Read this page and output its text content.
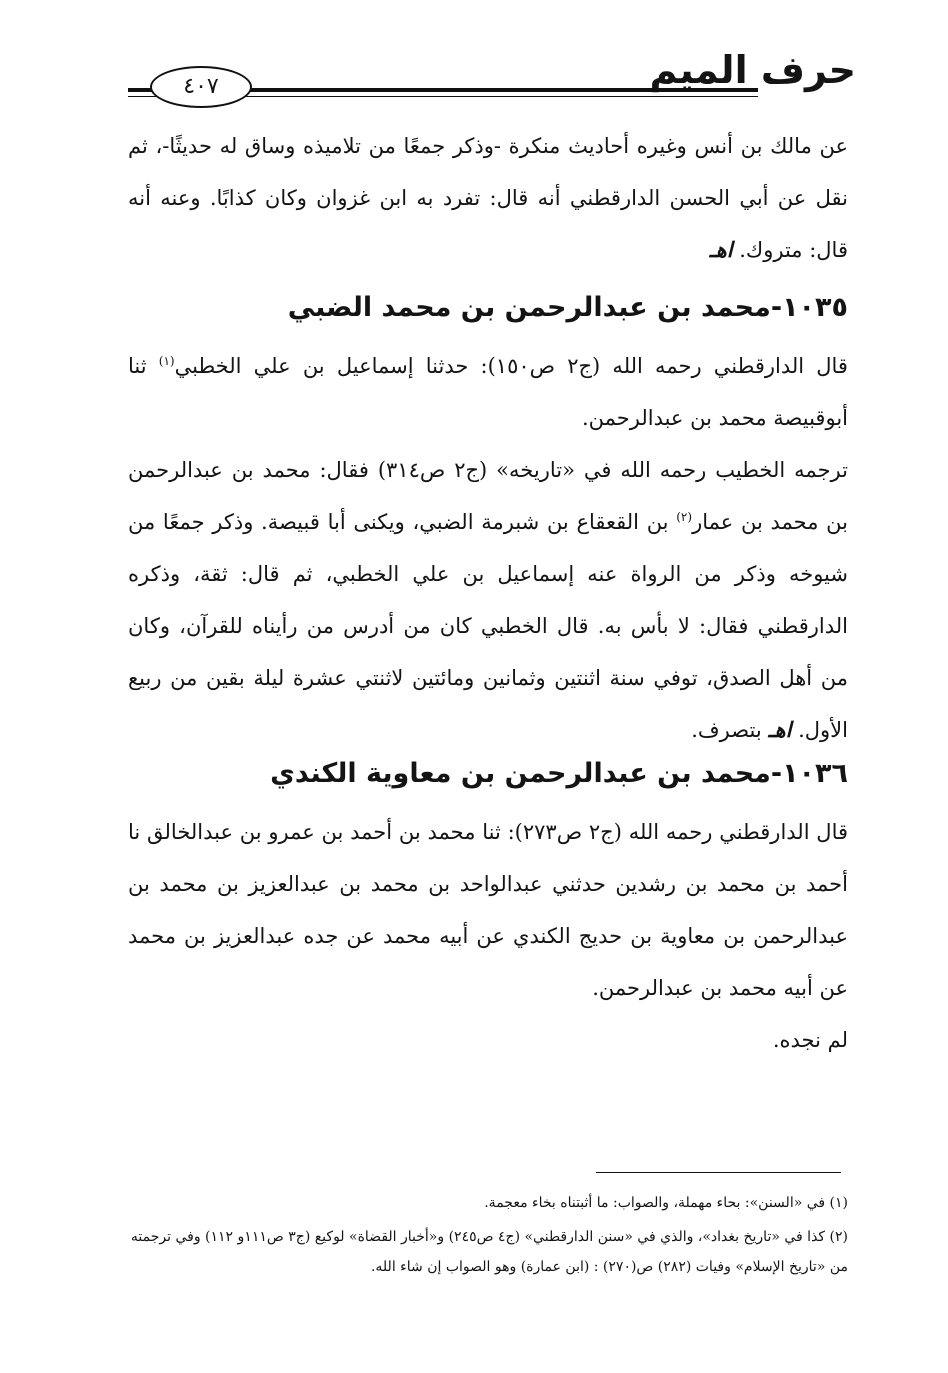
حرف الميم
٤٠٧

عن مالك بن أنس وغيره أحاديث منكرة -وذكر جمعًا من تلاميذه وساق له حديثًا-، ثم نقل عن أبي الحسن الدارقطني أنه قال: تفرد به ابن غزوان وكان كذابًا. وعنه أنه قال: متروك. اهـ

١٠٣٥-محمد بن عبدالرحمن بن محمد الضبي

قال الدارقطني رحمه الله (ج٢ ص١٥٠): حدثنا إسماعيل بن علي الخطبي$^{(١)}$ ثنا أبوقبيصة محمد بن عبدالرحمن.

ترجمه الخطيب رحمه الله في «تاريخه» (ج٢ ص٣١٤) فقال: محمد بن عبدالرحمن بن محمد بن عمار$^{(٢)}$ بن القعقاع بن شبرمة الضبي، ويكنى أبا قبيصة. وذكر جمعًا من شيوخه وذكر من الرواة عنه إسماعيل بن علي الخطبي، ثم قال: ثقة، وذكره الدارقطني فقال: لا بأس به. قال الخطبي كان من أدرس من رأيناه للقرآن، وكان من أهل الصدق، توفي سنة اثنتين وثمانين ومائتين لاثنتي عشرة ليلة بقين من ربيع الأول. اهـ بتصرف.

١٠٣٦-محمد بن عبدالرحمن بن معاوية الكندي

قال الدارقطني رحمه الله (ج٢ ص٢٧٣): ثنا محمد بن أحمد بن عمرو بن عبدالخالق نا أحمد بن محمد بن رشدين حدثني عبدالواحد بن محمد بن عبدالعزيز بن محمد بن عبدالرحمن بن معاوية بن حديج الكندي عن أبيه محمد عن جده عبدالعزيز بن محمد عن أبيه محمد بن عبدالرحمن.

لم نجده.

(١) في «السنن»: بحاء مهملة، والصواب: ما أثبتناه بخاء معجمة.

(٢) كذا في «تاريخ بغداد»، والذي في «سنن الدارقطني» (ج٤ ص٢٤٥) و«أخبار القضاة» لوكيع (ج٣ ص١١١و ١١٢) وفي ترجمته من «تاريخ الإسلام» وفيات (٢٨٢) ص(٢٧٠) : (ابن عمارة) وهو الصواب إن شاء الله.
